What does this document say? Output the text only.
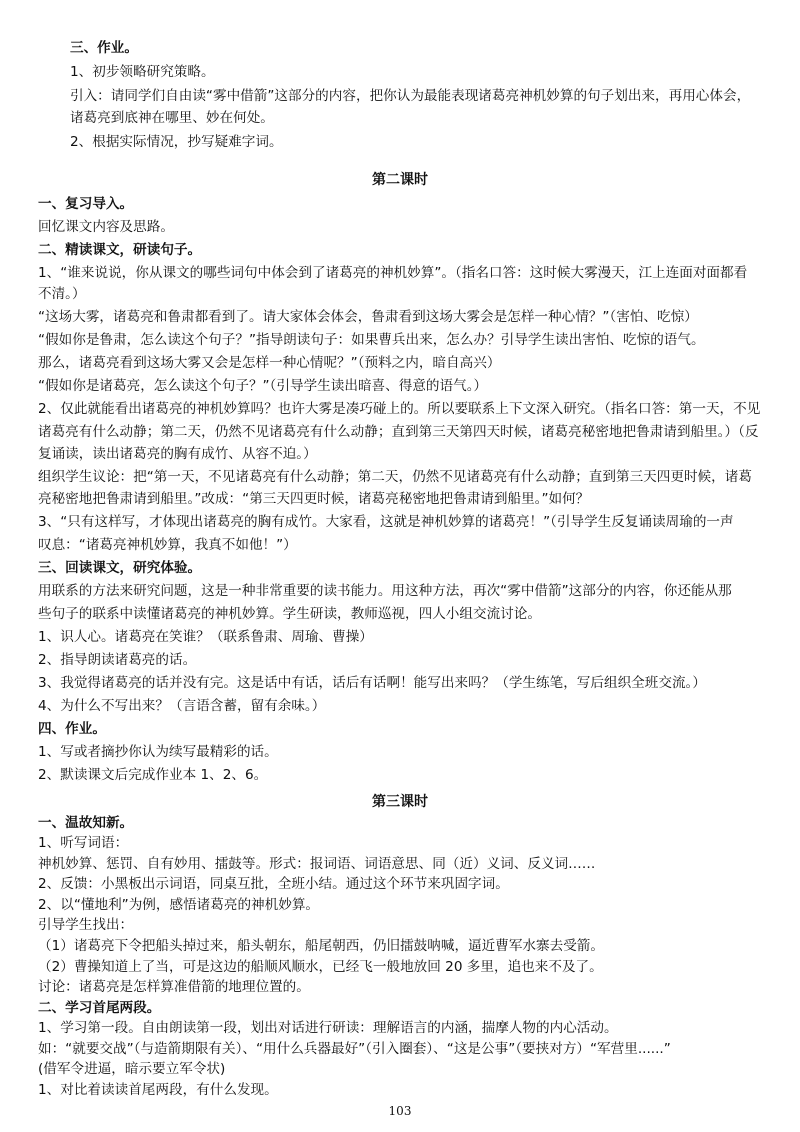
三、作业。
1、初步领略研究策略。
引入：请同学们自由读“雾中借箭”这部分的内容，把你认为最能表现诸葛亮神机妙算的句子划出来，再用心体会，
诸葛亮到底神在哪里、妙在何处。
2、根据实际情况，抄写疑难字词。
第二课时
一、复习导入。
回忆课文内容及思路。
二、精读课文，研读句子。
1、“谁来说说，你从课文的哪些词句中体会到了诸葛亮的神机妙算”。（指名口答：这时候大雾漫天，江上连面对面都看
不清。）
“这场大雾，诸葛亮和鲁肃都看到了。请大家体会体会，鲁肃看到这场大雾会是怎样一种心情？”（害怕、吃惊）
“假如你是鲁肃，怎么读这个句子？”指导朗读句子：如果曹兵出来，怎么办？引导学生读出害怕、吃惊的语气。
那么，诸葛亮看到这场大雾又会是怎样一种心情呢？”（预料之内，暗自高兴）
“假如你是诸葛亮，怎么读这个句子？”（引导学生读出暗喜、得意的语气。）
2、仅此就能看出诸葛亮的神机妙算吗？也许大雾是凑巧碰上的。所以要联系上下文深入研究。（指名口答：第一天，不见
诸葛亮有什么动静；第二天，仍然不见诸葛亮有什么动静；直到第三天第四天时候，诸葛亮秘密地把鲁肃请到船里。）（反
复诵读，读出诸葛亮的胸有成竹、从容不迫。）
组织学生议论：把“第一天，不见诸葛亮有什么动静；第二天，仍然不见诸葛亮有什么动静；直到第三天四更时候，诸葛
亮秘密地把鲁肃请到船里。”改成：“第三天四更时候，诸葛亮秘密地把鲁肃请到船里。”如何？
3、“只有这样写，才体现出诸葛亮的胸有成竹。大家看，这就是神机妙算的诸葛亮！”（引导学生反复诵读周瑜的一声
叹息：“诸葛亮神机妙算，我真不如他！”）
三、回读课文，研究体验。
用联系的方法来研究问题，这是一种非常重要的读书能力。用这种方法，再次“雾中借箭”这部分的内容，你还能从那
些句子的联系中读懂诸葛亮的神机妙算。学生研读，教师巡视，四人小组交流讨论。
1、识人心。诸葛亮在笑谁？（联系鲁肃、周瑜、曹操）
2、指导朗读诸葛亮的话。
3、我觉得诸葛亮的话并没有完。这是话中有话，话后有话啊！能写出来吗？（学生练笔，写后组织全班交流。）
4、为什么不写出来？（言语含蓄，留有余味。）
四、作业。
1、写或者摘抄你认为续写最精彩的话。
2、默读课文后完成作业本 1、2、6。
第三课时
一、温故知新。
1、听写词语：
神机妙算、惩罚、自有妙用、擂鼓等。形式：报词语、词语意思、同（近）义词、反义词……
2、反馈：小黑板出示词语，同桌互批，全班小结。通过这个环节来巩固字词。
2、以“懂地利”为例，感悟诸葛亮的神机妙算。
引导学生找出：
（1）诸葛亮下令把船头掉过来，船头朝东，船尾朝西，仍旧擂鼓呐喊，逼近曹军水寨去受箭。
（2）曹操知道上了当，可是这边的船顺风顺水，已经飞一般地放回 20 多里，追也来不及了。
讨论：诸葛亮是怎样算准借箭的地理位置的。
二、学习首尾两段。
1、学习第一段。自由朗读第一段，划出对话进行研读：理解语言的内涵，揣摩人物的内心活动。
如：“就要交战”（与造箭期限有关）、“用什么兵器最好”（引入圈套）、“这是公事”（要挟对方）“军营里......”
(借军令进逼，暗示要立军令状)
1、对比着读读首尾两段，有什么发现。
103
